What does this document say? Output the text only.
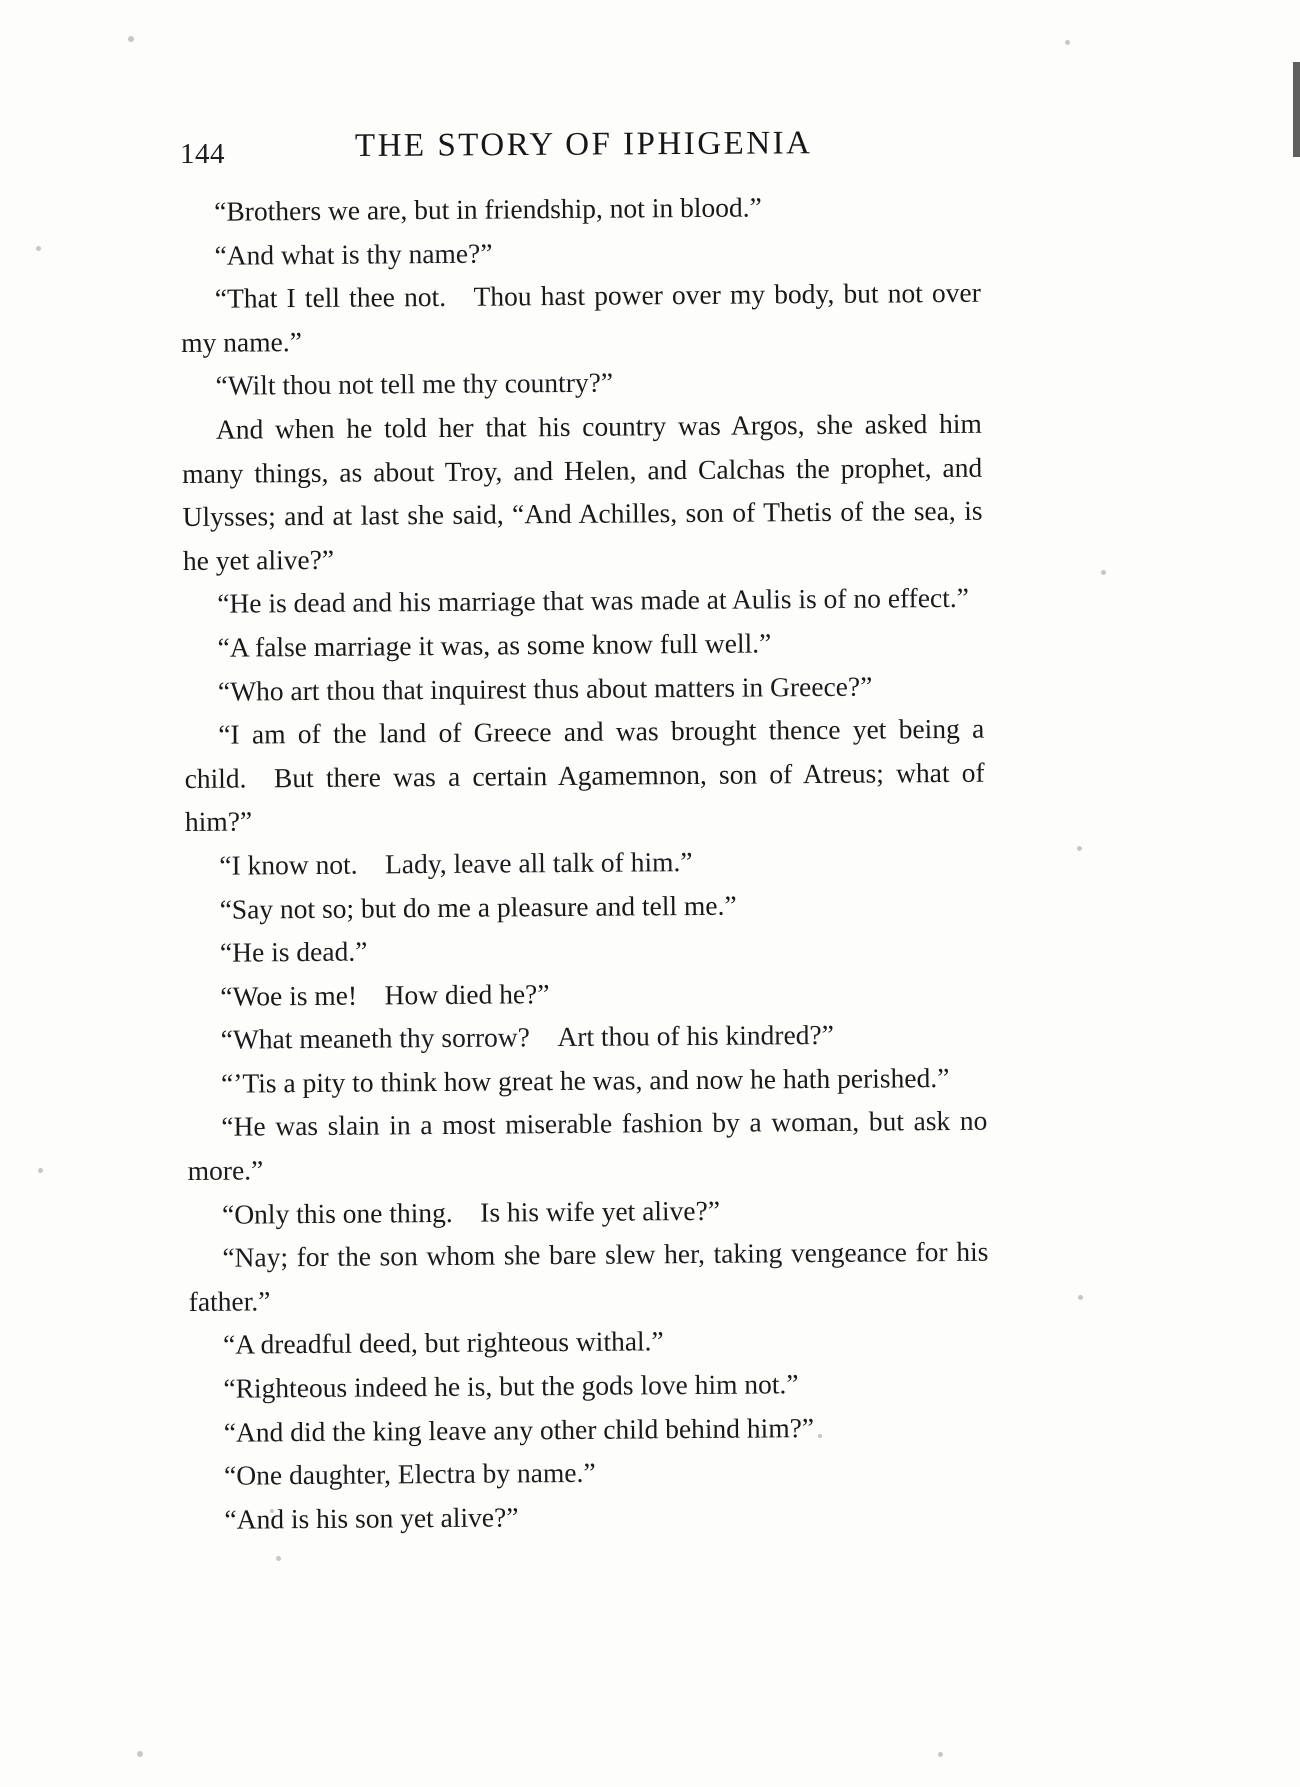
144	THE STORY OF IPHIGENIA

“Brothers we are, but in friendship, not in blood.”

“And what is thy name?”

“That I tell thee not. Thou hast power over my body, but not over my name.”

“Wilt thou not tell me thy country?”

And when he told her that his country was Argos, she asked him many things, as about Troy, and Helen, and Calchas the prophet, and Ulysses; and at last she said, “And Achilles, son of Thetis of the sea, is he yet alive?”

“He is dead and his marriage that was made at Aulis is of no effect.”

“A false marriage it was, as some know full well.”

“Who art thou that inquirest thus about matters in Greece?”

“I am of the land of Greece and was brought thence yet being a child. But there was a certain Agamemnon, son of Atreus; what of him?”

“I know not. Lady, leave all talk of him.”

“Say not so; but do me a pleasure and tell me.”

“He is dead.”

“Woe is me! How died he?”

“What meaneth thy sorrow? Art thou of his kindred?”

“’Tis a pity to think how great he was, and now he hath perished.”

“He was slain in a most miserable fashion by a woman, but ask no more.”

“Only this one thing. Is his wife yet alive?”

“Nay; for the son whom she bare slew her, taking vengeance for his father.”

“A dreadful deed, but righteous withal.”

“Righteous indeed he is, but the gods love him not.”

“And did the king leave any other child behind him?”

“One daughter, Electra by name.”

“And is his son yet alive?”
